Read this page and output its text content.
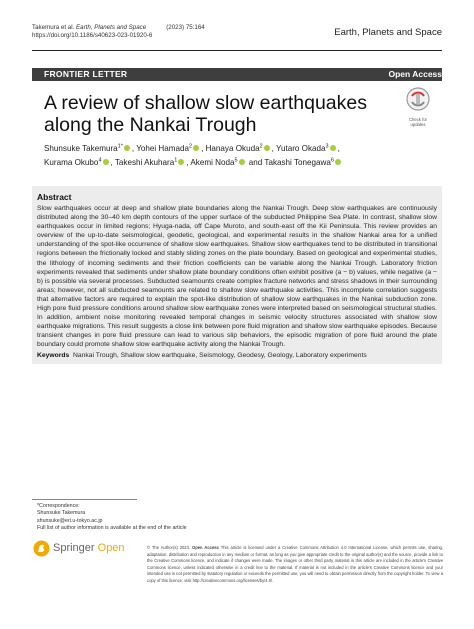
Takemura et al. Earth, Planets and Space	(2023) 75:164
https://doi.org/10.1186/s40623-023-01920-6	Earth, Planets and Space
FRONTIER LETTER	Open Access
A review of shallow slow earthquakes along the Nankai Trough	Check for
updates
Shunsuke Takemura$^{1*}$ , Yohei Hamada$^2$ , Hanaya Okuda$^2$ , Yutaro Okada$^3$ , Kurama Okubo$^4$ , Takeshi Akuhara$^1$ , Akemi Noda$^5$ and Takashi Tonegawa$^6$
Abstract
Slow earthquakes occur at deep and shallow plate boundaries along the Nankai Trough. Deep slow earthquakes are continuously distributed along the 30–40 km depth contours of the upper surface of the subducted Philippine Sea Plate. In contrast, shallow slow earthquakes occur in limited regions; Hyuga-nada, off Cape Muroto, and south-east off the Kii Peninsula. This review provides an overview of the up-to-date seismological, geodetic, geological, and experimental results in the shallow Nankai area for a unified understanding of the spot-like occurrence of shallow slow earthquakes. Shallow slow earthquakes tend to be distributed in transitional regions between the frictionally locked and stably sliding zones on the plate boundary. Based on geological and experimental studies, the lithology of incoming sediments and their friction coefficients can be variable along the Nankai Trough. Laboratory friction experiments revealed that sediments under shallow plate boundary conditions often exhibit positive (a − b) values, while negative (a − b) is possible via several processes. Subducted seamounts create complex fracture networks and stress shadows in their surrounding areas; however, not all subducted seamounts are related to shallow slow earthquake activities. This incomplete correlation suggests that alternative factors are required to explain the spot-like distribution of shallow slow earthquakes in the Nankai subduction zone. High pore fluid pressure conditions around shallow slow earthquake zones were interpreted based on seismological structural studies. In addition, ambient noise monitoring revealed temporal changes in seismic velocity structures associated with shallow slow earthquake migrations. This result suggests a close link between pore fluid migration and shallow slow earthquake episodes. Because transient changes in pore fluid pressure can lead to various slip behaviors, the episodic migration of pore fluid around the plate boundary could promote shallow slow earthquake activity along the Nankai Trough.
Keywords Nankai Trough, Shallow slow earthquake, Seismology, Geodesy, Geology, Laboratory experiments
*Correspondence:
Shunsuke Takemura
shunsuke@eri.u-tokyo.ac.jp
Full list of author information is available at the end of the article
Springer Open	© The Author(s) 2023. Open Access This article is licensed under a Creative Commons Attribution 4.0 International License, which permits use, sharing, adaptation, distribution and reproduction in any medium or format, as long as you give appropriate credit to the original author(s) and the source, provide a link to the Creative Commons licence, and indicate if changes were made. The images or other third party material in this article are included in the article's Creative Commons licence, unless indicated otherwise in a credit line to the material. If material is not included in the article's Creative Commons licence and your intended use is not permitted by statutory regulation or exceeds the permitted use, you will need to obtain permission directly from the copyright holder. To view a copy of this licence, visit http://creativecommons.org/licenses/by/4.0/.
